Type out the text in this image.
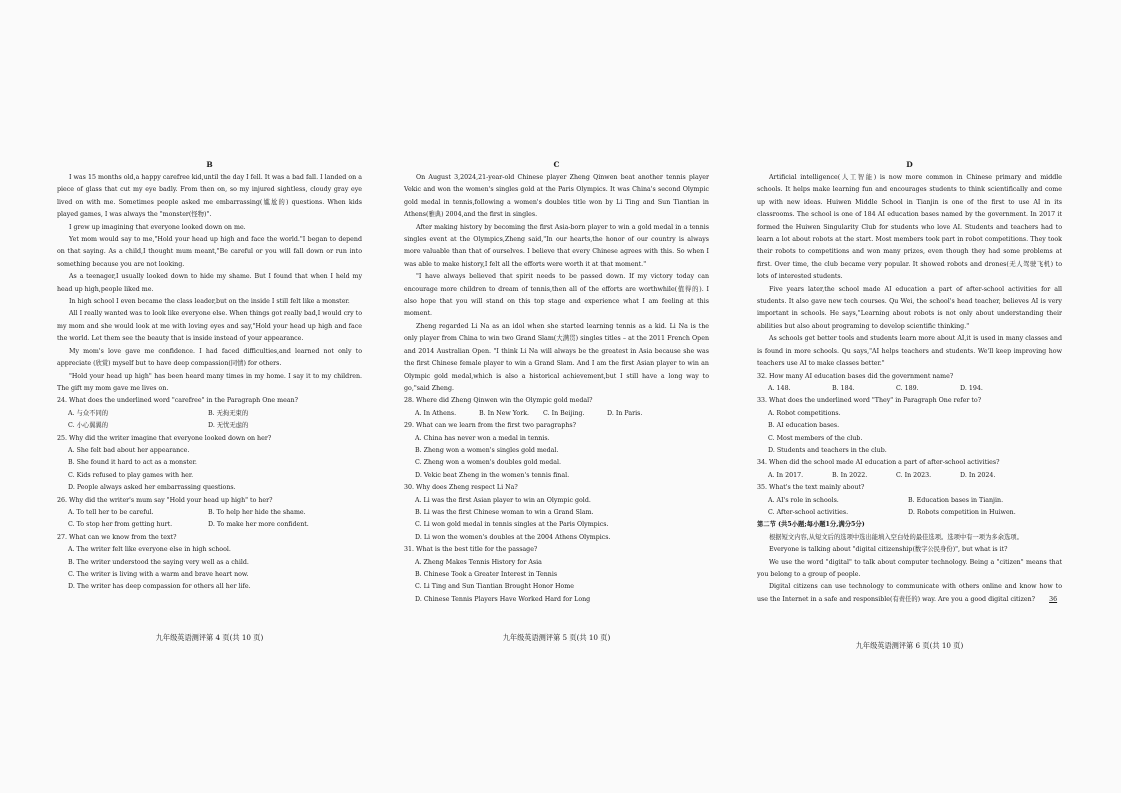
B

I was 15 months old,a happy carefree kid,until the day I fell. It was a bad fall. I landed on a piece of glass that cut my eye badly. From then on, so my injured sightless, cloudy gray eye lived on with me. Sometimes people asked me embarrassing(尴尬的) questions. When kids played games, I was always the "monster(怪物)".

I grew up imagining that everyone looked down on me.

Yet mom would say to me,"Hold your head up high and face the world."I began to depend on that saying. As a child,I thought mum meant,"Be careful or you will fall down or run into something because you are not looking.

As a teenager,I usually looked down to hide my shame. But I found that when I held my head up high,people liked me.

In high school I even became the class leader,but on the inside I still felt like a monster.

All I really wanted was to look like everyone else. When things got really bad,I would cry to my mom and she would look at me with loving eyes and say,"Hold your head up high and face the world. Let them see the beauty that is inside instead of your appearance.

My mom's love gave me confidence. I had faced difficulties,and learned not only to appreciate (欣赏) myself but to have deep compassion(同情) for others.

"Hold your head up high" has been heard many times in my home. I say it to my children. The gift my mom gave me lives on.

24. What does the underlined word "carefree" in the Paragraph One mean?

A. 与众不同的	B. 无拘无束的
C. 小心翼翼的	D. 无忧无虑的

25. Why did the writer imagine that everyone looked down on her?

A. She felt bad about her appearance.

B. She found it hard to act as a monster.

C. Kids refused to play games with her.

D. People always asked her embarrassing questions.

26. Why did the writer's mum say "Hold your head up high" to her?

A. To tell her to be careful.	B. To help her hide the shame.
C. To stop her from getting hurt.	D. To make her more confident.

27. What can we know from the text?

A. The writer felt like everyone else in high school.

B. The writer understood the saying very well as a child.

C. The writer is living with a warm and brave heart now.

D. The writer has deep compassion for others all her life.

九年级英语测评第 4 页(共 10 页)
C

On August 3,2024,21-year-old Chinese player Zheng Qinwen beat another tennis player Vekic and won the women's singles gold at the Paris Olympics. It was China's second Olympic gold medal in tennis,following a women's doubles title won by Li Ting and Sun Tiantian in Athens(雅典) 2004,and the first in singles.

After making history by becoming the first Asia-born player to win a gold medal in a tennis singles event at the Olympics,Zheng said,"In our hearts,the honor of our country is always more valuable than that of ourselves. I believe that every Chinese agrees with this. So when I was able to make history,I felt all the efforts were worth it at that moment."

"I have always believed that spirit needs to be passed down. If my victory today can encourage more children to dream of tennis,then all of the efforts are worthwhile(值得的). I also hope that you will stand on this top stage and experience what I am feeling at this moment.

Zheng regarded Li Na as an idol when she started learning tennis as a kid. Li Na is the only player from China to win two Grand Slam(大满贯) singles titles – at the 2011 French Open and 2014 Australian Open. "I think Li Na will always be the greatest in Asia because she was the first Chinese female player to win a Grand Slam. And I am the first Asian player to win an Olympic gold medal,which is also a historical achievement,but I still have a long way to go,"said Zheng.

28. Where did Zheng Qinwen win the Olympic gold medal?

A. In Athens.	B. In New York.	C. In Beijing.	D. In Paris.

29. What can we learn from the first two paragraphs?

A. China has never won a medal in tennis.

B. Zheng won a women's singles gold medal.

C. Zheng won a women's doubles gold medal.

D. Vekic beat Zheng in the women's tennis final.

30. Why does Zheng respect Li Na?

A. Li was the first Asian player to win an Olympic gold.

B. Li was the first Chinese woman to win a Grand Slam.

C. Li won gold medal in tennis singles at the Paris Olympics.

D. Li won the women's doubles at the 2004 Athens Olympics.

31. What is the best title for the passage?

A. Zheng Makes Tennis History for Asia

B. Chinese Took a Greater Interest in Tennis

C. Li Ting and Sun Tiantian Brought Honor Home

D. Chinese Tennis Players Have Worked Hard for Long

九年级英语测评第 5 页(共 10 页)
D

Artificial intelligence(人工智能) is now more common in Chinese primary and middle schools. It helps make learning fun and encourages students to think scientifically and come up with new ideas. Huiwen Middle School in Tianjin is one of the first to use AI in its classrooms. The school is one of 184 AI education bases named by the government. In 2017 it formed the Huiwen Singularity Club for students who love AI. Students and teachers had to learn a lot about robots at the start. Most members took part in robot competitions. They took their robots to competitions and won many prizes, even though they had some problems at first. Over time, the club became very popular. It showed robots and drones(无人驾驶飞机) to lots of interested students.

Five years later,the school made AI education a part of after-school activities for all students. It also gave new tech courses. Qu Wei, the school's head teacher, believes AI is very important in schools. He says,"Learning about robots is not only about understanding their abilities but also about programing to develop scientific thinking."

As schools get better tools and students learn more about AI,it is used in many classes and is found in more schools. Qu says,"AI helps teachers and students. We'll keep improving how teachers use AI to make classes better."

32. How many AI education bases did the government name?

A. 148.	B. 184.	C. 189.	D. 194.

33. What does the underlined word "They" in Paragraph One refer to?

A. Robot competitions.

B. AI education bases.

C. Most members of the club.

D. Students and teachers in the club.

34. When did the school made AI education a part of after-school activities?

A. In 2017.	B. In 2022.	C. In 2023.	D. In 2024.

35. What's the text mainly about?

A. AI's role in schools.	B. Education bases in Tianjin.
C. After-school activities.	D. Robots competition in Huiwen.

第二节 (共5小题;每小题1分,满分5分)

根据短文内容,从短文后的选项中选出能填入空白处的最佳选项。选项中有一项为多余选项。

Everyone is talking about "digital citizenship(数字公民身份)", but what is it?

We use the word "digital" to talk about computer technology. Being a "citizen" means that you belong to a group of people.

Digital citizens can use technology to communicate with others online and know how to use the Internet in a safe and responsible(有责任的) way. Are you a good digital citizen? 36

九年级英语测评第 6 页(共 10 页)
